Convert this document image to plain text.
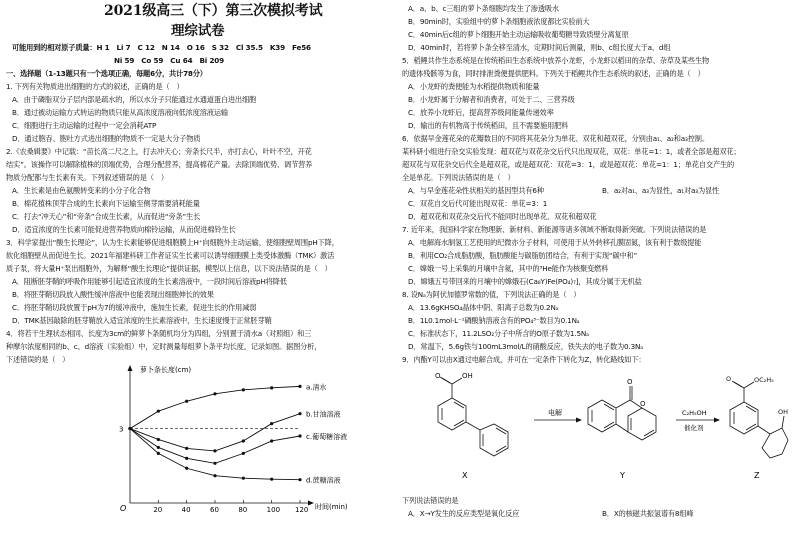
2021级高三（下）第三次模拟考试
理综试卷
可能用到的相对原子质量：H 1　Li 7　C 12　N 14　O 16　S 32　Cl 35.5　K39　Fe56
Ni 59　Co 59　Cu 64　Bi 209
一、选择题（1-13题只有一个选项正确，每题6分，共计78分）
1. 下列有关物质进出细胞的方式的叙述，正确的是（　）
A．由于磷脂双分子层内部是疏水的，所以水分子只能通过水通道蛋白进出细胞
B．通过被动运输方式转运的物质只能从高浓度溶液向低浓度溶液运输
C．细胞进行主动运输的过程中一定会消耗ATP
D．通过胞吞、胞吐方式进出细胞的物质不一定是大分子物质
2.《农桑辑要》中记载：“苗长高二尺之上，打去冲天心；旁条长尺半，亦打去心，叶叶不空，开花
结实”。该操作可以解除植株的顶端优势，合理分配营养，提高棉花产量。去除顶端优势、调节营养
物质分配都与生长素有关。下列叙述错误的是（　）
A．生长素是由色氨酸转变来的小分子化合物
B．棉花植株顶芽合成的生长素向下运输至侧芽需要消耗能量
C．打去“冲天心”和“旁条”合成生长素，从而促进“旁条”生长
D．适宜浓度的生长素可能促进营养物质向棉铃运输，从而促进棉铃生长
3．科学家提出“酸生长理论”，认为生长素能够促进细胞膜上H⁺向细胞外主动运输，使细胞壁周围pH下降，
软化细胞壁从而促进生长。2021年福建科研工作者证实生长素可以诱导细胞膜上类受体激酶（TMK）激活
质子泵，将大量H⁺泵出细胞外，为解释“酸生长理论”提供证据，模型以上信息，以下说法错误的是（　）
A．阻断胚芽鞘的呼吸作用能够引起适宜浓度的生长素溶液中，一段时间后溶液pH将降低
B．将胚芽鞘切段放入酸性缓冲溶液中也能表现出细胞伸长的效果
C．将胚芽鞘切段放置于pH为7的缓冲液中，施加生长素，促进生长的作用减弱
D．TMK基因敲除的胚芽鞘放入适宜浓度的生长素溶液中，生长速度慢于正常胚芽鞘
4．将若干生理状态相同、长度为3cm的鲜萝卜条随机均分为四组，分别置于清水a（对照组）和三
种摩尔浓度相同的b、c、d溶液（实验组）中，定时测量每组萝卜条平均长度，记录如图。据图分析，
下述错误的是（　）
萝卜条长度(cm)
时间(min)
O	20	40	60	80	100 120
3
a.清水
b.甘油溶液
c.葡萄糖溶液
d.蔗糖溶液
A．a、b、c三组的萝卜条细胞均发生了渗透吸水
B．90min时，实验组中的萝卜条细胞液浓度都比实验前大
C．40min后c组的萝卜细胞开始主动运输吸收葡萄糖导致质壁分离复原
D．40min时，若将萝卜条全移至清水，定期时间后测量，则b、c组长度大于a、d组
5．稻鲤共作生态系统是在传统稻田生态系统中放养小龙虾，小龙虾以稻田的杂草、杂草及某些生物
的遗体残骸等为食，同时排泄粪便提供肥料。下列关于稻鲤共作生态系统的叙述，正确的是（　）
A．小龙虾的粪便能为水稻提供物质和能量
B．小龙虾属于分解者和消费者，可处于二、三营养级
C．放养小龙虾后，提高营养级间能量传递效率
D．输出的有机物高于传统稻田，且不需要施用肥料
6．依据早金莲花朵的花瓣数目的不同将其花朵分为单花、双花和超双花，分别由a₁、a₂和a₃控制。
某科研小组进行杂交实验发现：超双花与双花杂交后代只出现双花，双花：单花=1：1，或者全部是超双花；
超双花与双花杂交后代全是超双花，或是超双花：双花=3：1，或是超双花：单花=1：1；单花自交产生的
全是单花。下列说法错误的是（　）
A．与早金莲花朵性状相关的基因型共有6种	B．a₂对a₁、a₃为显性，a₁对a₃为显性
C．双花自交后代可能出现双花：单花=3：1
D．超双花和双花杂交后代不能同时出现单花、双花和超双花
7. 近年来，我国科学家在物理新、新材料、新能源等诸多领域不断取得新突破。下列说法错误的是
A．电解海水制氢工艺使用的纪微亦分子材料，可使用于从外转移孔膜固氮，该有利于数级提能
B．利用CO₂合成脂肪酸，脂肪酸能与碳脂肪团结合，有利于实现“碳中和”
C．嫦娥一号上采集的月壤中含氦，其中的³He能作为核聚变燃料
D．嫦娥五号带回来的月壤中的嫦娥石(Ca₈Y)Fe(PO₄)₇]，其成分属于无机盐
8. 设Nₐ为阿伏加德罗常数的值，下列说法正确的是（　）
A．13.6gKHSO₄晶体中阴、阳离子总数为0.2Nₐ
B．1L0.1mol·L⁻¹磷酸钠溶液含有的PO₄³⁻数目为0.1Nₐ
C．标准状态下，11.2LSO₂分子中所含的O原子数为1.5Nₐ
D．常温下，5.6g铁与100mL3mol/L的硝酸反应，铁失去的电子数为0.3Nₐ
9．内酯Y可以由X通过电解合成，并可在一定条件下转化为Z，转化路线如下：
O	OH
X
电解
O
O
Y
C₂H₅OH
催化剂
O	OC₂H₅
OH
Z
下列说法错误的是
A．X→Y发生的反应类型是氧化反应	B．X的核磁共振氢谱有8组峰
